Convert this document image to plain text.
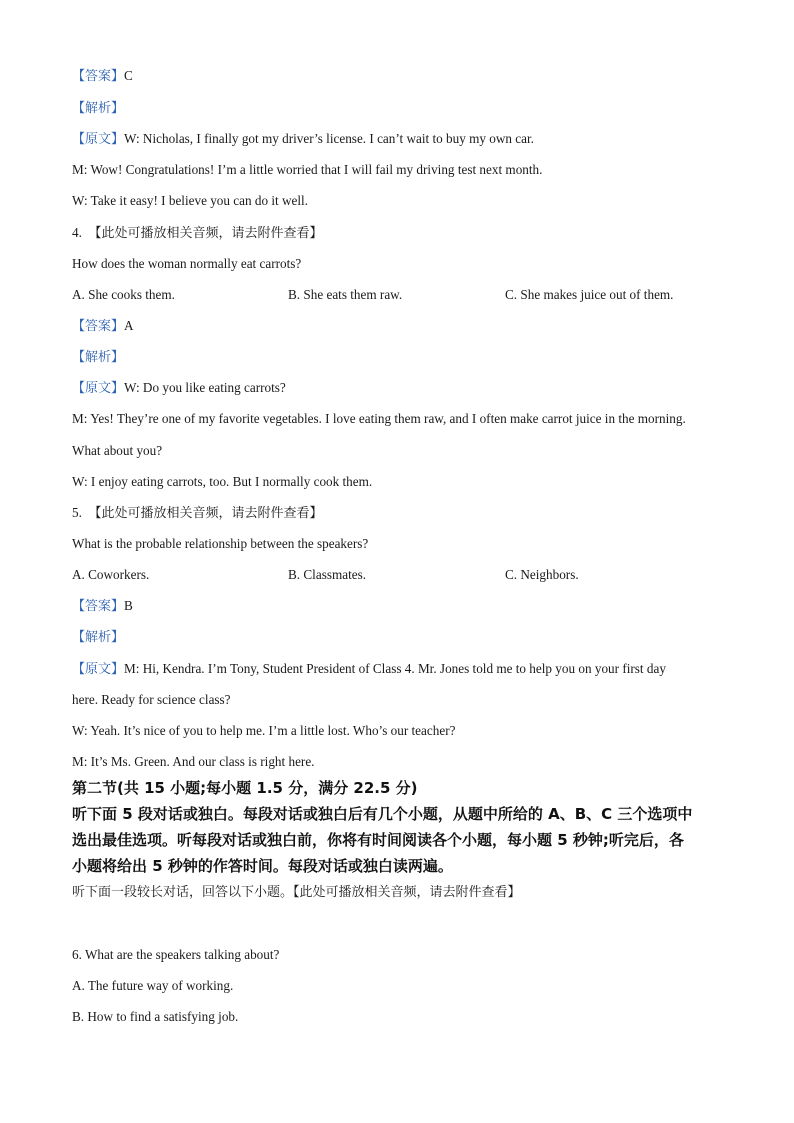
【答案】C
【解析】
【原文】W: Nicholas, I finally got my driver’s license. I can’t wait to buy my own car.
M: Wow! Congratulations! I’m a little worried that I will fail my driving test next month.
W: Take it easy! I believe you can do it well.
4. 【此处可播放相关音频，请去附件查看】
How does the woman normally eat carrots?
A. She cooks them.	B. She eats them raw.	C. She makes juice out of them.
【答案】A
【解析】
【原文】W: Do you like eating carrots?
M: Yes! They’re one of my favorite vegetables. I love eating them raw, and I often make carrot juice in the morning.
What about you?
W: I enjoy eating carrots, too. But I normally cook them.
5. 【此处可播放相关音频，请去附件查看】
What is the probable relationship between the speakers?
A. Coworkers.	B. Classmates.	C. Neighbors.
【答案】B
【解析】
【原文】M: Hi, Kendra. I’m Tony, Student President of Class 4. Mr. Jones told me to help you on your first day
here. Ready for science class?
W: Yeah. It’s nice of you to help me. I’m a little lost. Who’s our teacher?
M: It’s Ms. Green. And our class is right here.
第二节(共 15 小题;每小题 1.5 分，满分 22.5 分)
听下面 5 段对话或独白。每段对话或独白后有几个小题，从题中所给的 A、B、C 三个选项中
选出最佳选项。听每段对话或独白前，你将有时间阅读各个小题，每小题 5 秒钟;听完后，各
小题将给出 5 秒钟的作答时间。每段对话或独白读两遍。
听下面一段较长对话，回答以下小题。【此处可播放相关音频，请去附件查看】
6. What are the speakers talking about?
A. The future way of working.
B. How to find a satisfying job.
